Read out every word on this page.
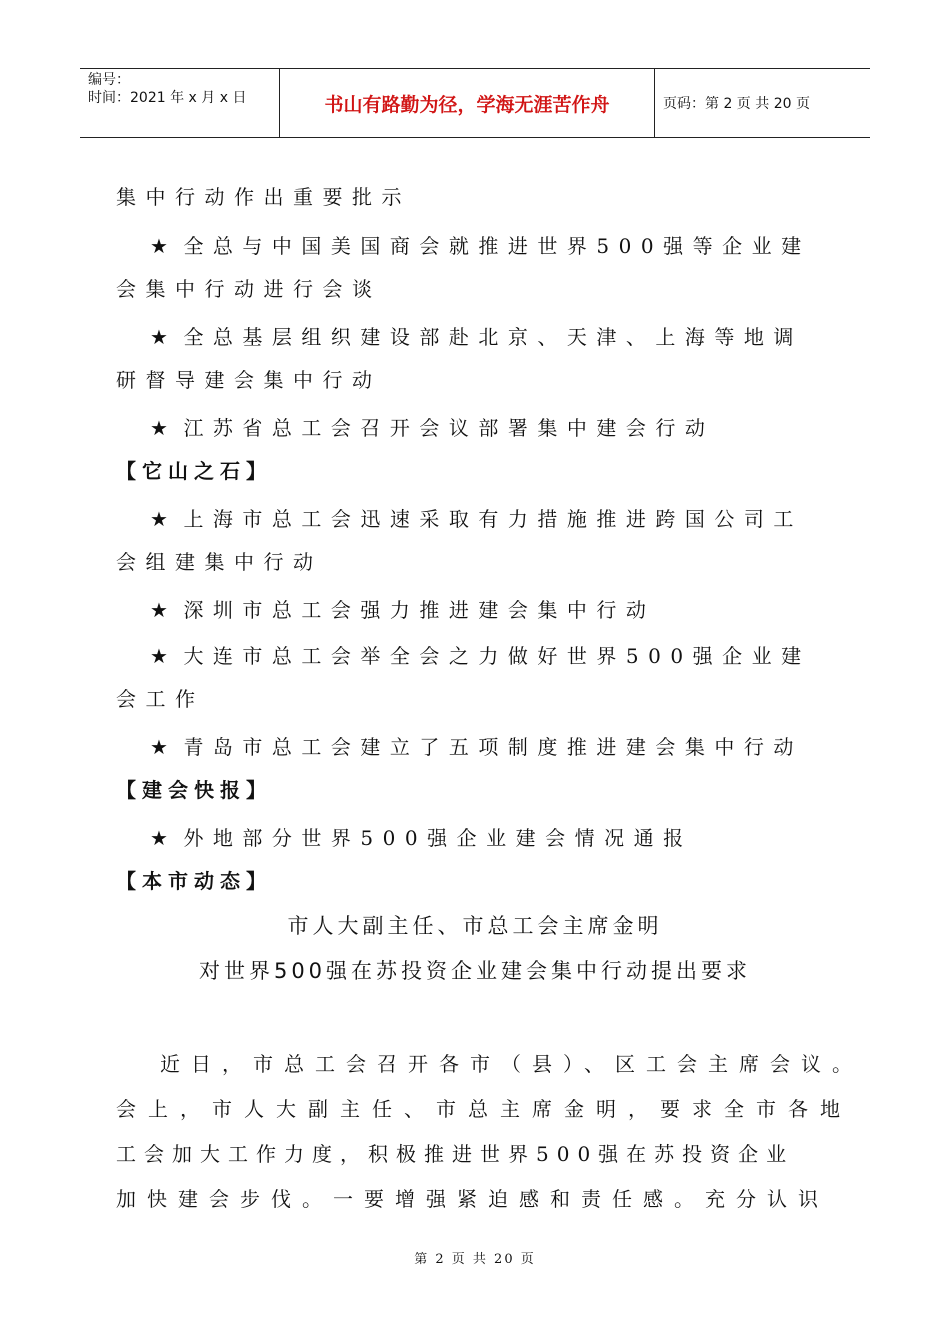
编号：
时间：2021 年 x 月 x 日	书山有路勤为径，学海无涯苦作舟	页码：第 2 页 共 20 页
集中行动作出重要批示
★ 全总与中国美国商会就推进世界500强等企业建
会集中行动进行会谈
★ 全总基层组织建设部赴北京、天津、上海等地调
研督导建会集中行动
★ 江苏省总工会召开会议部署集中建会行动
【它山之石】
★ 上海市总工会迅速采取有力措施推进跨国公司工
会组建集中行动
★ 深圳市总工会强力推进建会集中行动
★ 大连市总工会举全会之力做好世界500强企业建
会工作
★ 青岛市总工会建立了五项制度推进建会集中行动
【建会快报】
★ 外地部分世界500强企业建会情况通报
【本市动态】
市人大副主任、市总工会主席金明
对世界500强在苏投资企业建会集中行动提出要求
近日，市总工会召开各市（县）、区工会主席会议。
会上，市人大副主任、市总主席金明，要求全市各地
工会加大工作力度，积极推进世界500强在苏投资企业
加快建会步伐。一要增强紧迫感和责任感。充分认识
第 2 页 共 20 页
